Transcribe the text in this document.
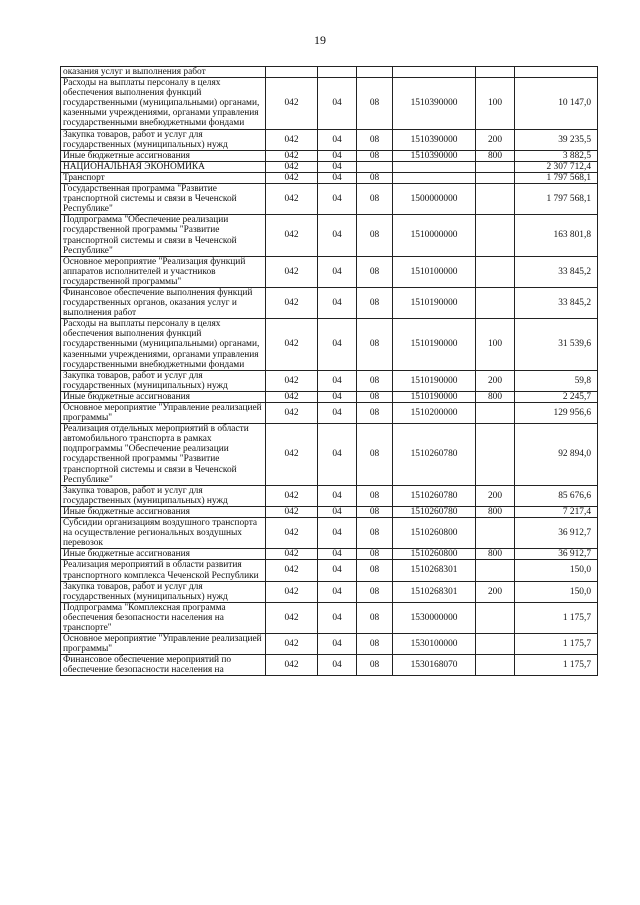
19
оказания услуг и выполнения работ						
Расходы на выплаты персоналу в целях обеспечения выполнения функций государственными (муниципальными) органами, казенными учреждениями, органами управления государственными внебюджетными фондами	042	04	08	1510390000	100	10 147,0
Закупка товаров, работ и услуг для государственных (муниципальных) нужд	042	04	08	1510390000	200	39 235,5
Иные бюджетные ассигнования	042	04	08	1510390000	800	3 882,5
НАЦИОНАЛЬНАЯ ЭКОНОМИКА	042	04				2 307 712,4
Транспорт	042	04	08			1 797 568,1
Государственная программа "Развитие транспортной системы и связи в Чеченской Республике"	042	04	08	1500000000		1 797 568,1
Подпрограмма "Обеспечение реализации государственной программы "Развитие транспортной системы и связи в Чеченской Республике"	042	04	08	1510000000		163 801,8
Основное мероприятие "Реализация функций аппаратов исполнителей и участников государственной программы"	042	04	08	1510100000		33 845,2
Финансовое обеспечение выполнения функций государственных органов, оказания услуг и выполнения работ	042	04	08	1510190000		33 845,2
Расходы на выплаты персоналу в целях обеспечения выполнения функций государственными (муниципальными) органами, казенными учреждениями, органами управления государственными внебюджетными фондами	042	04	08	1510190000	100	31 539,6
Закупка товаров, работ и услуг для государственных (муниципальных) нужд	042	04	08	1510190000	200	59,8
Иные бюджетные ассигнования	042	04	08	1510190000	800	2 245,7
Основное мероприятие "Управление реализацией программы"	042	04	08	1510200000		129 956,6
Реализация отдельных мероприятий в области автомобильного транспорта в рамках подпрограммы "Обеспечение реализации государственной программы "Развитие транспортной системы и связи в Чеченской Республике"	042	04	08	1510260780		92 894,0
Закупка товаров, работ и услуг для государственных (муниципальных) нужд	042	04	08	1510260780	200	85 676,6
Иные бюджетные ассигнования	042	04	08	1510260780	800	7 217,4
Субсидии организациям воздушного транспорта на осуществление региональных воздушных перевозок	042	04	08	1510260800		36 912,7
Иные бюджетные ассигнования	042	04	08	1510260800	800	36 912,7
Реализация мероприятий в области развития транспортного комплекса Чеченской Республики	042	04	08	1510268301		150,0
Закупка товаров, работ и услуг для государственных (муниципальных) нужд	042	04	08	1510268301	200	150,0
Подпрограмма "Комплексная программа обеспечения безопасности населения на транспорте"	042	04	08	1530000000		1 175,7
Основное мероприятие "Управление реализацией программы"	042	04	08	1530100000		1 175,7
Финансовое обеспечение мероприятий по обеспечение безопасности населения на	042	04	08	1530168070		1 175,7
